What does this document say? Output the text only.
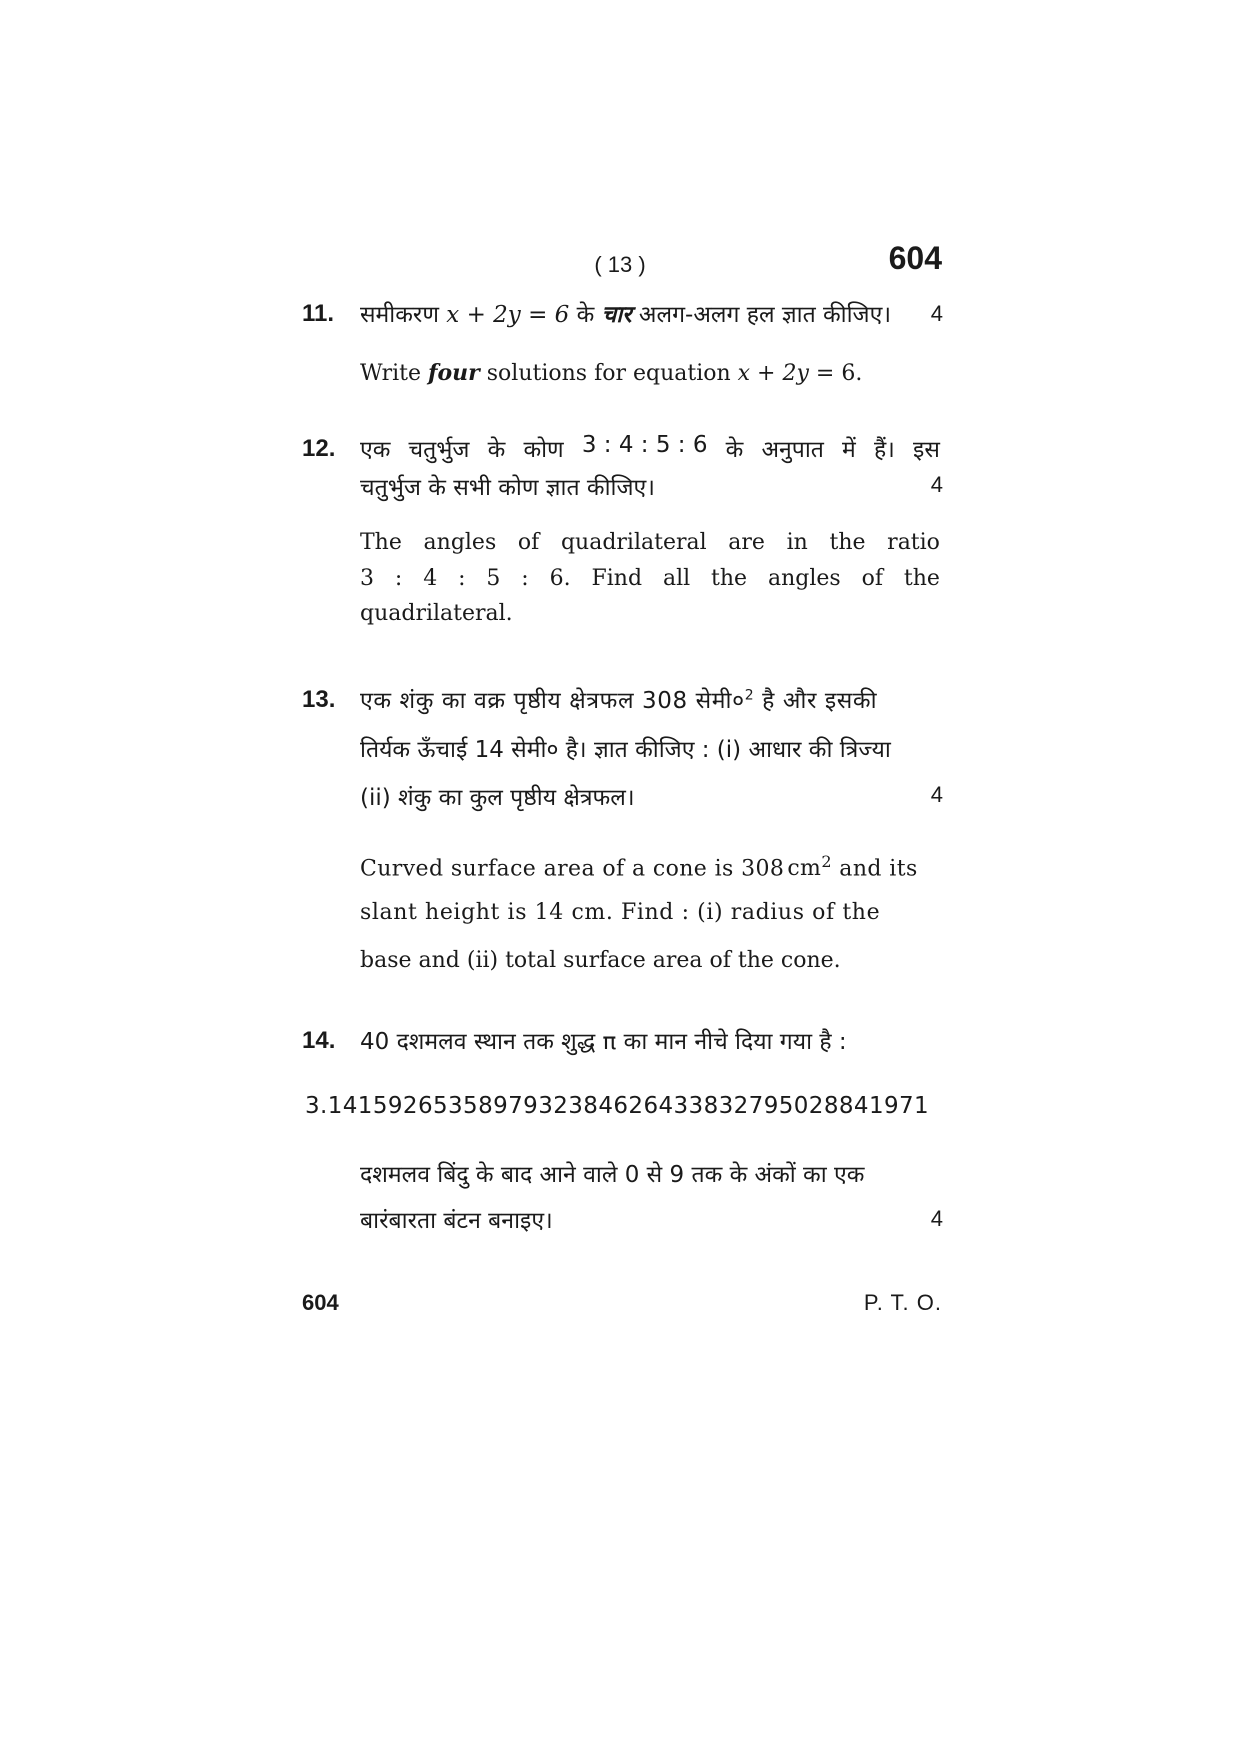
( 13 )	604
11. समीकरण x + 2y = 6 के चार अलग-अलग हल ज्ञात कीजिए।	4
Write four solutions for equation x + 2y = 6.
12. एक चतुर्भुज के कोण 3 : 4 : 5 : 6 के अनुपात में हैं। इस
चतुर्भुज के सभी कोण ज्ञात कीजिए।	4
The angles of quadrilateral are in the ratio
3 : 4 : 5 : 6. Find all the angles of the
quadrilateral.
13. एक शंकु का वक्र पृष्ठीय क्षेत्रफल 308 $सेमी०^2$ है और इसकी
तिर्यक ऊँचाई 14 सेमी० है। ज्ञात कीजिए : (i) आधार की त्रिज्या
(ii) शंकु का कुल पृष्ठीय क्षेत्रफल।	4
Curved surface area of a cone is 308 $cm^2$ and its
slant height is 14 cm. Find : (i) radius of the
base and (ii) total surface area of the cone.
14. 40 दशमलव स्थान तक शुद्ध π का मान नीचे दिया गया है :
3.1415926535897932384626433832795028841971
दशमलव बिंदु के बाद आने वाले 0 से 9 तक के अंकों का एक
बारंबारता बंटन बनाइए।	4
604	P. T. O.
